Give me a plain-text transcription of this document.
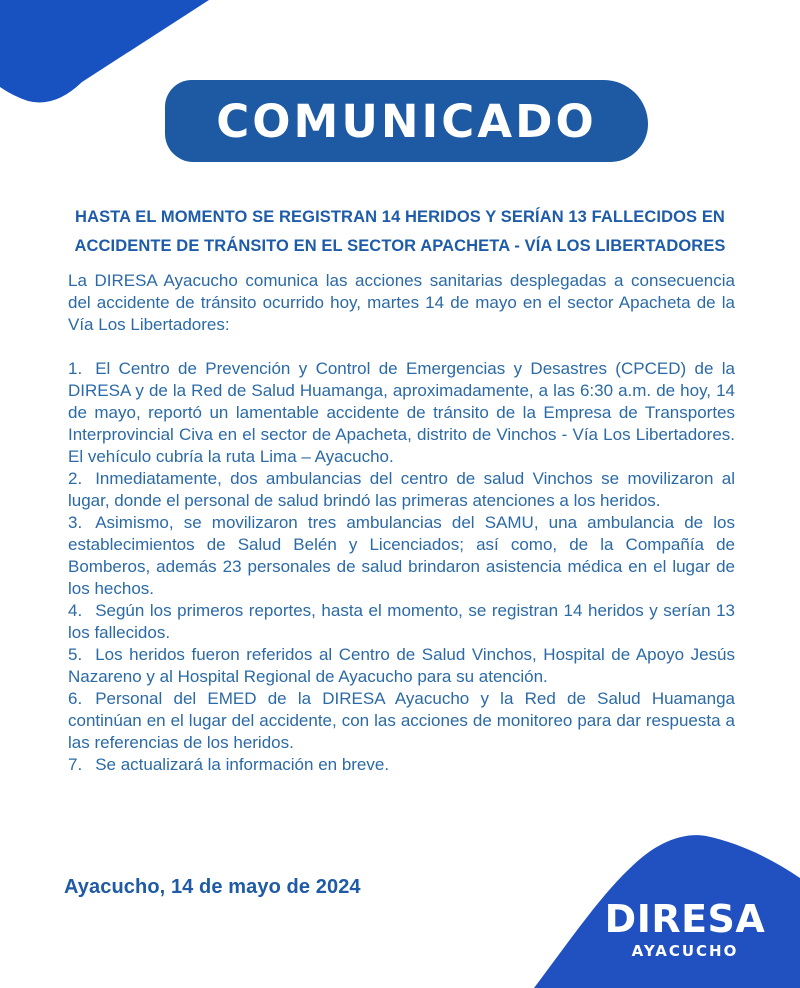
COMUNICADO
HASTA EL MOMENTO SE REGISTRAN 14 HERIDOS Y SERÍAN 13 FALLECIDOS EN
ACCIDENTE DE TRÁNSITO EN EL SECTOR APACHETA - VÍA LOS LIBERTADORES

La DIRESA Ayacucho comunica las acciones sanitarias desplegadas a consecuencia del accidente de tránsito ocurrido hoy, martes 14 de mayo en el sector Apacheta de la Vía Los Libertadores:

1. El Centro de Prevención y Control de Emergencias y Desastres (CPCED) de la DIRESA y de la Red de Salud Huamanga, aproximadamente, a las 6:30 a.m. de hoy, 14 de mayo, reportó un lamentable accidente de tránsito de la Empresa de Transportes Interprovincial Civa en el sector de Apacheta, distrito de Vinchos - Vía Los Libertadores. El vehículo cubría la ruta Lima – Ayacucho.

2. Inmediatamente, dos ambulancias del centro de salud Vinchos se movilizaron al lugar, donde el personal de salud brindó las primeras atenciones a los heridos.

3. Asimismo, se movilizaron tres ambulancias del SAMU, una ambulancia de los establecimientos de Salud Belén y Licenciados; así como, de la Compañía de Bomberos, además 23 personales de salud brindaron asistencia médica en el lugar de los hechos.

4. Según los primeros reportes, hasta el momento, se registran 14 heridos y serían 13 los fallecidos.

5. Los heridos fueron referidos al Centro de Salud Vinchos, Hospital de Apoyo Jesús Nazareno y al Hospital Regional de Ayacucho para su atención.

6. Personal del EMED de la DIRESA Ayacucho y la Red de Salud Huamanga continúan en el lugar del accidente, con las acciones de monitoreo para dar respuesta a las referencias de los heridos.

7. Se actualizará la información en breve.

Ayacucho, 14 de mayo de 2024
DIRESA
AYACUCHO
